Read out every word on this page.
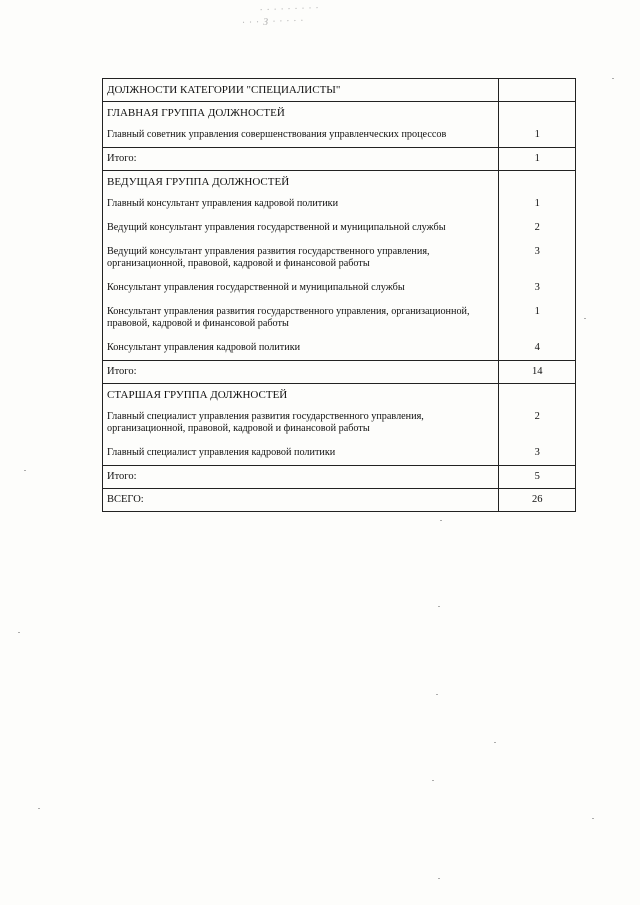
· · · · · · · · ·
· · · З · · · · ·
ДОЛЖНОСТИ КАТЕГОРИИ "СПЕЦИАЛИСТЫ"	
ГЛАВНАЯ ГРУППА ДОЛЖНОСТЕЙ	
Главный советник управления совершенствования управленческих процессов	1
Итого:	1
ВЕДУЩАЯ ГРУППА ДОЛЖНОСТЕЙ	
Главный консультант управления кадровой политики	1
Ведущий консультант управления государственной и муниципальной службы	2
Ведущий консультант управления развития государственного управления, организационной, правовой, кадровой и финансовой работы	3
Консультант управления государственной и муниципальной службы	3
Консультант управления развития государственного управления, организационной, правовой, кадровой и финансовой работы	1
Консультант управления кадровой политики	4
Итого:	14
СТАРШАЯ ГРУППА ДОЛЖНОСТЕЙ	
Главный специалист управления развития государственного управления, организационной, правовой, кадровой и финансовой работы	2
Главный специалист управления кадровой политики	3
Итого:	5
ВСЕГО:	26
